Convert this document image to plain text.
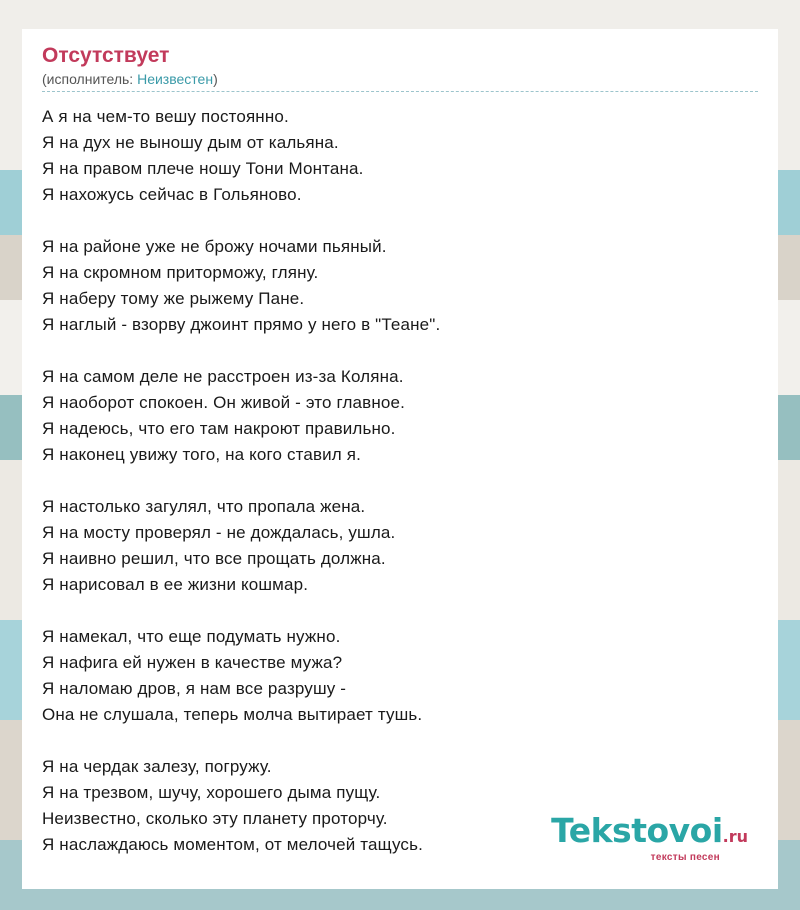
Отсутствует
(исполнитель: Неизвестен)
А я на чем-то вешу постоянно.
Я на дух не выношу дым от кальяна.
Я на правом плече ношу Тони Монтана.
Я нахожусь сейчас в Гольяново.
Я на районе уже не брожу ночами пьяный.
Я на скромном приторможу, гляну.
Я наберу тому же рыжему Пане.
Я наглый - взорву джоинт прямо у него в "Теане".
Я на самом деле не расстроен из-за Коляна.
Я наоборот спокоен. Он живой - это главное.
Я надеюсь, что его там накроют правильно.
Я наконец увижу того, на кого ставил я.
Я настолько загулял, что пропала жена.
Я на мосту проверял - не дождалась, ушла.
Я наивно решил, что все прощать должна.
Я нарисовал в ее жизни кошмар.
Я намекал, что еще подумать нужно.
Я нафига ей нужен в качестве мужа?
Я наломаю дров, я нам все разрушу -
Она не слушала, теперь молча вытирает тушь.
Я на чердак залезу, погружу.
Я на трезвом, шучу, хорошего дыма пущу.
Неизвестно, сколько эту планету проторчу.
Я наслаждаюсь моментом, от мелочей тащусь.	Tekstovoi.ru
тексты песен
